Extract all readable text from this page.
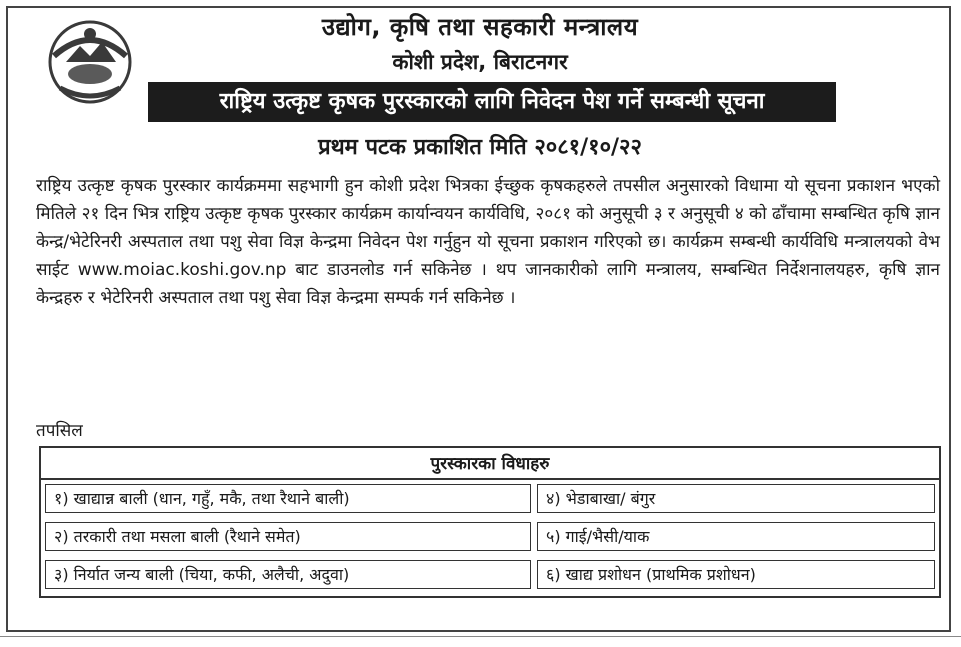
उद्योग, कृषि तथा सहकारी मन्त्रालय
कोशी प्रदेश, बिराटनगर
राष्ट्रिय उत्कृष्ट कृषक पुरस्कारको लागि निवेदन पेश गर्ने सम्बन्धी सूचना
प्रथम पटक प्रकाशित मिति २०८१/१०/२२
राष्ट्रिय उत्कृष्ट कृषक पुरस्कार कार्यक्रममा सहभागी हुन कोशी प्रदेश भित्रका ईच्छुक कृषकहरुले तपसील अनुसारको विधामा यो सूचना प्रकाशन भएको मितिले २१ दिन भित्र राष्ट्रिय उत्कृष्ट कृषक पुरस्कार कार्यक्रम कार्यान्वयन कार्यविधि, २०८१ को अनुसूची ३ र अनुसूची ४ को ढाँचामा सम्बन्धित कृषि ज्ञान केन्द्र/भेटेरिनरी अस्पताल तथा पशु सेवा विज्ञ केन्द्रमा निवेदन पेश गर्नुहुन यो सूचना प्रकाशन गरिएको छ। कार्यक्रम सम्बन्धी कार्यविधि मन्त्रालयको वेभ साईट www.moiac.koshi.gov.np बाट डाउनलोड गर्न सकिनेछ । थप जानकारीको लागि मन्त्रालय, सम्बन्धित निर्देशनालयहरु, कृषि ज्ञान केन्द्रहरु र भेटेरिनरी अस्पताल तथा पशु सेवा विज्ञ केन्द्रमा सम्पर्क गर्न सकिनेछ ।
तपसिल
पुरस्कारका विधाहरु
१) खाद्यान्न बाली (धान, गहुँ, मकै, तथा रैथाने बाली)	४) भेडाबाखा/ बंगुर
२) तरकारी तथा मसला बाली (रैथाने समेत)	५) गाई/भैसी/याक
३) निर्यात जन्य बाली (चिया, कफी, अलैची, अदुवा)	६) खाद्य प्रशोधन (प्राथमिक प्रशोधन)
